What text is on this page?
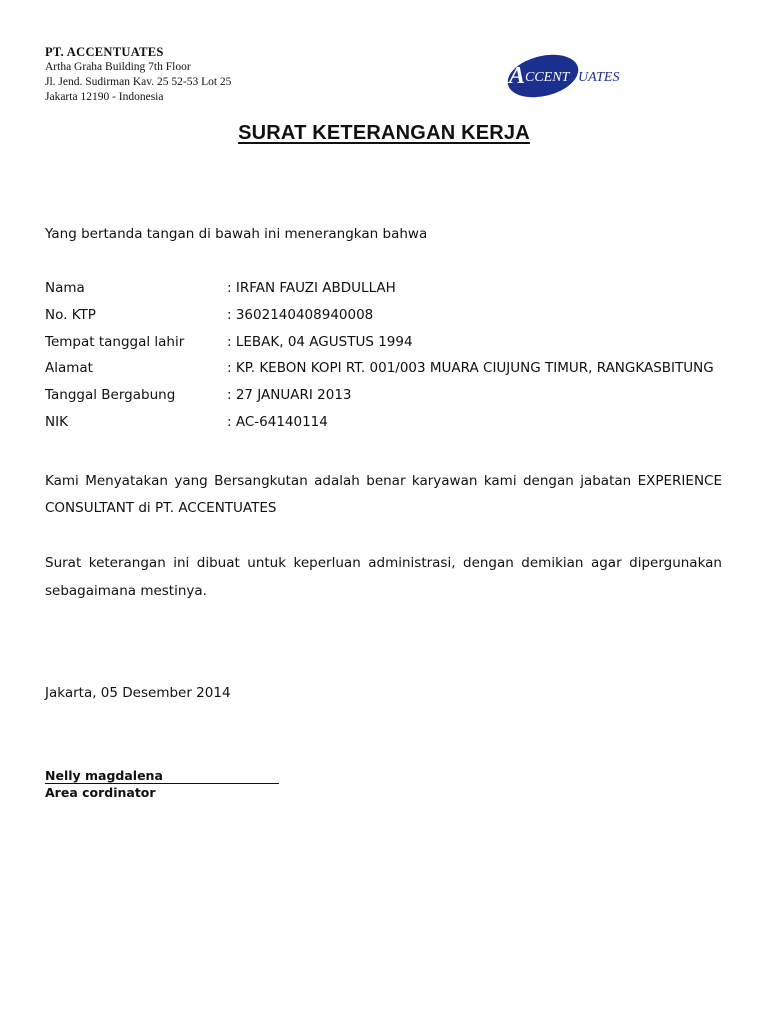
PT. ACCENTUATES
Artha Graha Building 7th Floor
Jl. Jend. Sudirman Kav. 25 52-53 Lot 25
Jakarta 12190 - Indonesia
A CCENT UATES
SURAT KETERANGAN KERJA
Yang bertanda tangan di bawah ini menerangkan bahwa
Nama	: IRFAN FAUZI ABDULLAH
No. KTP	: 3602140408940008
Tempat tanggal lahir	: LEBAK, 04 AGUSTUS 1994
Alamat	: KP. KEBON KOPI RT. 001/003 MUARA CIUJUNG TIMUR, RANGKASBITUNG
Tanggal Bergabung	: 27 JANUARI 2013
NIK	: AC-64140114
Kami Menyatakan yang Bersangkutan adalah benar karyawan kami dengan jabatan EXPERIENCE CONSULTANT di PT. ACCENTUATES
Surat keterangan ini dibuat untuk keperluan administrasi, dengan demikian agar dipergunakan sebagaimana mestinya.
Jakarta, 05 Desember 2014
Nelly magdalena
Area cordinator
